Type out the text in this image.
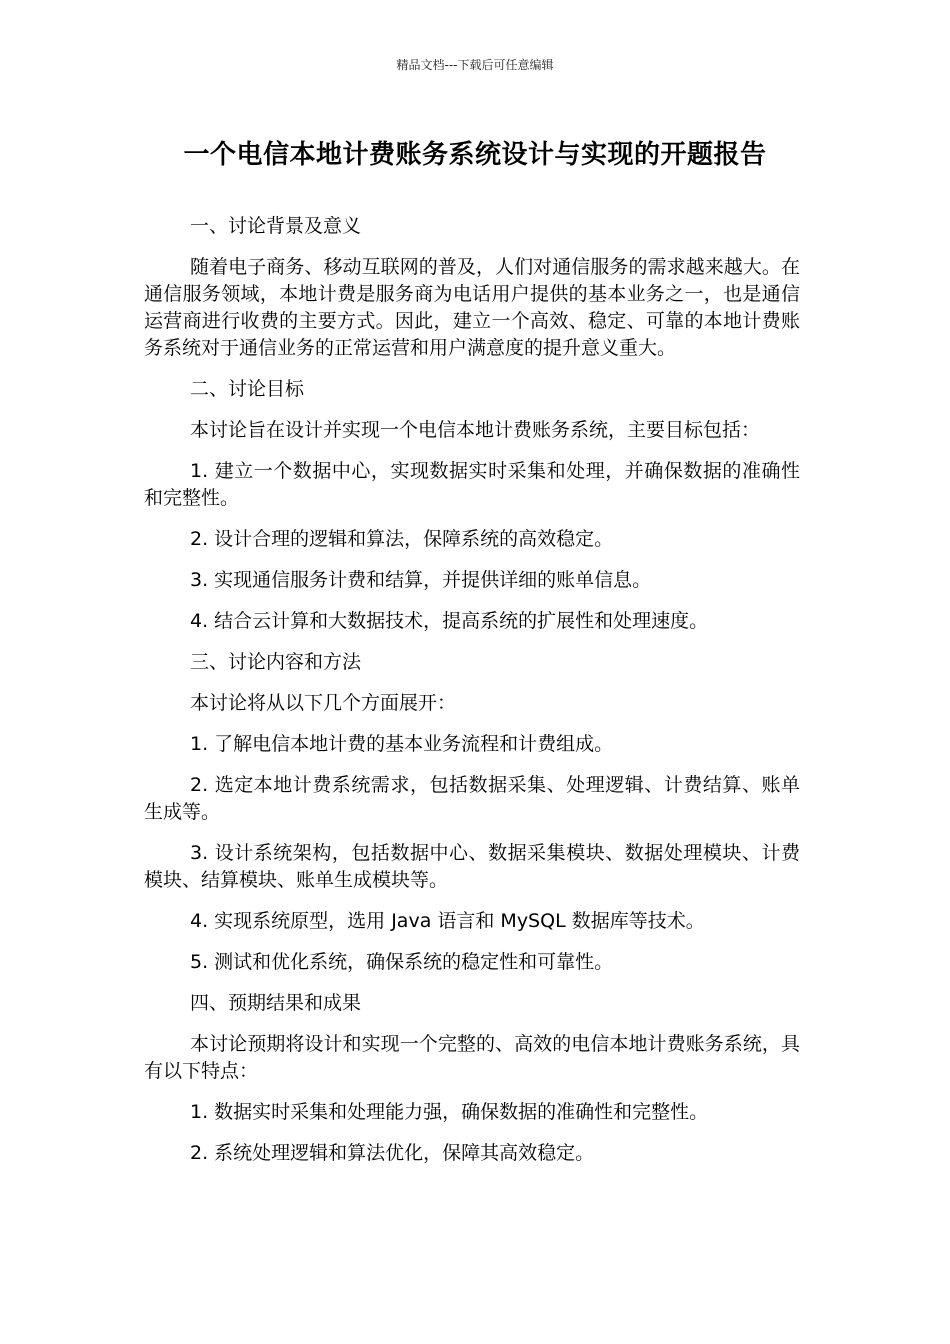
精品文档---下载后可任意编辑
一个电信本地计费账务系统设计与实现的开题报告

一、讨论背景及意义

随着电子商务、移动互联网的普及，人们对通信服务的需求越来越大。在通信服务领域，本地计费是服务商为电话用户提供的基本业务之一，也是通信运营商进行收费的主要方式。因此，建立一个高效、稳定、可靠的本地计费账务系统对于通信业务的正常运营和用户满意度的提升意义重大。

二、讨论目标

本讨论旨在设计并实现一个电信本地计费账务系统，主要目标包括：

1. 建立一个数据中心，实现数据实时采集和处理，并确保数据的准确性和完整性。

2. 设计合理的逻辑和算法，保障系统的高效稳定。

3. 实现通信服务计费和结算，并提供详细的账单信息。

4. 结合云计算和大数据技术，提高系统的扩展性和处理速度。

三、讨论内容和方法

本讨论将从以下几个方面展开：

1. 了解电信本地计费的基本业务流程和计费组成。

2. 选定本地计费系统需求，包括数据采集、处理逻辑、计费结算、账单生成等。

3. 设计系统架构，包括数据中心、数据采集模块、数据处理模块、计费模块、结算模块、账单生成模块等。

4. 实现系统原型，选用 Java 语言和 MySQL 数据库等技术。

5. 测试和优化系统，确保系统的稳定性和可靠性。

四、预期结果和成果

本讨论预期将设计和实现一个完整的、高效的电信本地计费账务系统，具有以下特点：

1. 数据实时采集和处理能力强，确保数据的准确性和完整性。

2. 系统处理逻辑和算法优化，保障其高效稳定。
